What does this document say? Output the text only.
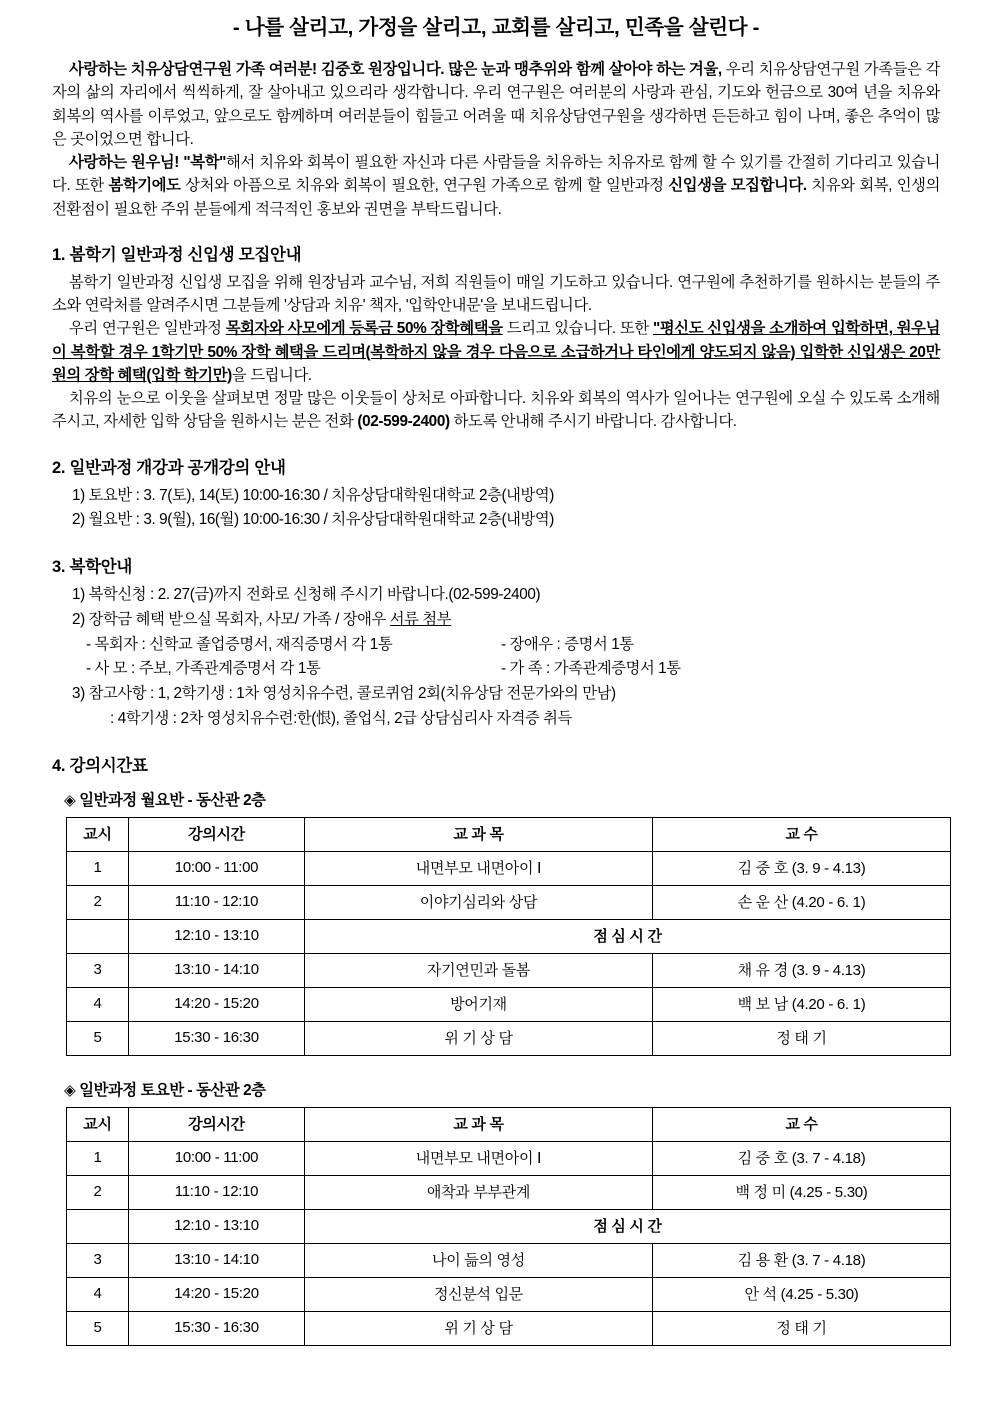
- 나를 살리고, 가정을 살리고, 교회를 살리고, 민족을 살린다 -

사랑하는 치유상담연구원 가족 여러분! 김중호 원장입니다. 많은 눈과 맹추위와 함께 살아야 하는 겨울, 우리 치유상담연구원 가족들은 각자의 삶의 자리에서 씩씩하게, 잘 살아내고 있으리라 생각합니다. 우리 연구원은 여러분의 사랑과 관심, 기도와 헌금으로 30여 년을 치유와 회복의 역사를 이루었고, 앞으로도 함께하며 여러분들이 힘들고 어려울 때 치유상담연구원을 생각하면 든든하고 힘이 나며, 좋은 추억이 많은 곳이었으면 합니다.

사랑하는 원우님! "복학"해서 치유와 회복이 필요한 자신과 다른 사람들을 치유하는 치유자로 함께 할 수 있기를 간절히 기다리고 있습니다. 또한 봄학기에도 상처와 아픔으로 치유와 회복이 필요한, 연구원 가족으로 함께 할 일반과정 신입생을 모집합니다. 치유와 회복, 인생의 전환점이 필요한 주위 분들에게 적극적인 홍보와 권면을 부탁드립니다.

1. 봄학기 일반과정 신입생 모집안내

봄학기 일반과정 신입생 모집을 위해 원장님과 교수님, 저희 직원들이 매일 기도하고 있습니다. 연구원에 추천하기를 원하시는 분들의 주소와 연락처를 알려주시면 그분들께 '상담과 치유' 책자, '입학안내문'을 보내드립니다.

우리 연구원은 일반과정 목회자와 사모에게 등록금 50% 장학혜택을 드리고 있습니다. 또한 "평신도 신입생을 소개하여 입학하면, 원우님이 복학할 경우 1학기만 50% 장학 혜택을 드리며(복학하지 않을 경우 다음으로 소급하거나 타인에게 양도되지 않음) 입학한 신입생은 20만 원의 장학 혜택(입학 학기만)을 드립니다.

치유의 눈으로 이웃을 살펴보면 정말 많은 이웃들이 상처로 아파합니다. 치유와 회복의 역사가 일어나는 연구원에 오실 수 있도록 소개해 주시고, 자세한 입학 상담을 원하시는 분은 전화 (02-599-2400) 하도록 안내해 주시기 바랍니다. 감사합니다.

2. 일반과정 개강과 공개강의 안내
1) 토요반 : 3. 7(토), 14(토) 10:00-16:30 / 치유상담대학원대학교 2층(내방역)
2) 월요반 : 3. 9(월), 16(월) 10:00-16:30 / 치유상담대학원대학교 2층(내방역)
3. 복학안내
1) 복학신청 : 2. 27(금)까지 전화로 신청해 주시기 바랍니다.(02-599-2400)
2) 장학금 혜택 받으실 목회자, 사모/ 가족 / 장애우 서류 첨부
- 목회자 : 신학교 졸업증명서, 재직증명서 각 1통	- 장애우 : 증명서 1통
- 사 모 : 주보, 가족관계증명서 각 1통	- 가 족 : 가족관계증명서 1통
3) 참고사항 : 1, 2학기생 : 1차 영성치유수련, 콜로퀴엄 2회(치유상담 전문가와의 만남)
: 4학기생 : 2차 영성치유수련:한(恨), 졸업식, 2급 상담심리사 자격증 취득
4. 강의시간표
◈ 일반과정 월요반 - 동산관 2층
교시	강의시간	교 과 목	교 수
1	10:00 - 11:00	내면부모 내면아이 Ⅰ	김 중 호 (3. 9 - 4.13)
2	11:10 - 12:10	이야기심리와 상담	손 운 산 (4.20 - 6. 1)
	12:10 - 13:10	점 심 시 간	
3	13:10 - 14:10	자기연민과 돌봄	채 유 경 (3. 9 - 4.13)
4	14:20 - 15:20	방어기재	백 보 남 (4.20 - 6. 1)
5	15:30 - 16:30	위 기 상 담	정 태 기
◈ 일반과정 토요반 - 동산관 2층
교시	강의시간	교 과 목	교 수
1	10:00 - 11:00	내면부모 내면아이 Ⅰ	김 중 호 (3. 7 - 4.18)
2	11:10 - 12:10	애착과 부부관계	백 정 미 (4.25 - 5.30)
	12:10 - 13:10	점 심 시 간	
3	13:10 - 14:10	나이 듦의 영성	김 용 환 (3. 7 - 4.18)
4	14:20 - 15:20	정신분석 입문	안 석 (4.25 - 5.30)
5	15:30 - 16:30	위 기 상 담	정 태 기
